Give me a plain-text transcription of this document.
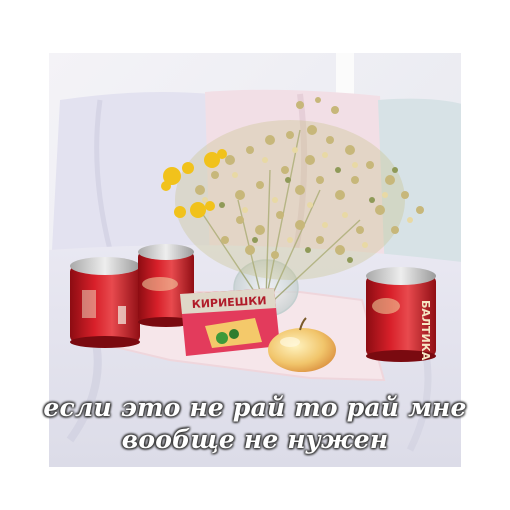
БАЛТИКА
КИРИЕШКИ
если это не рай то рай мне
вообще не нужен
